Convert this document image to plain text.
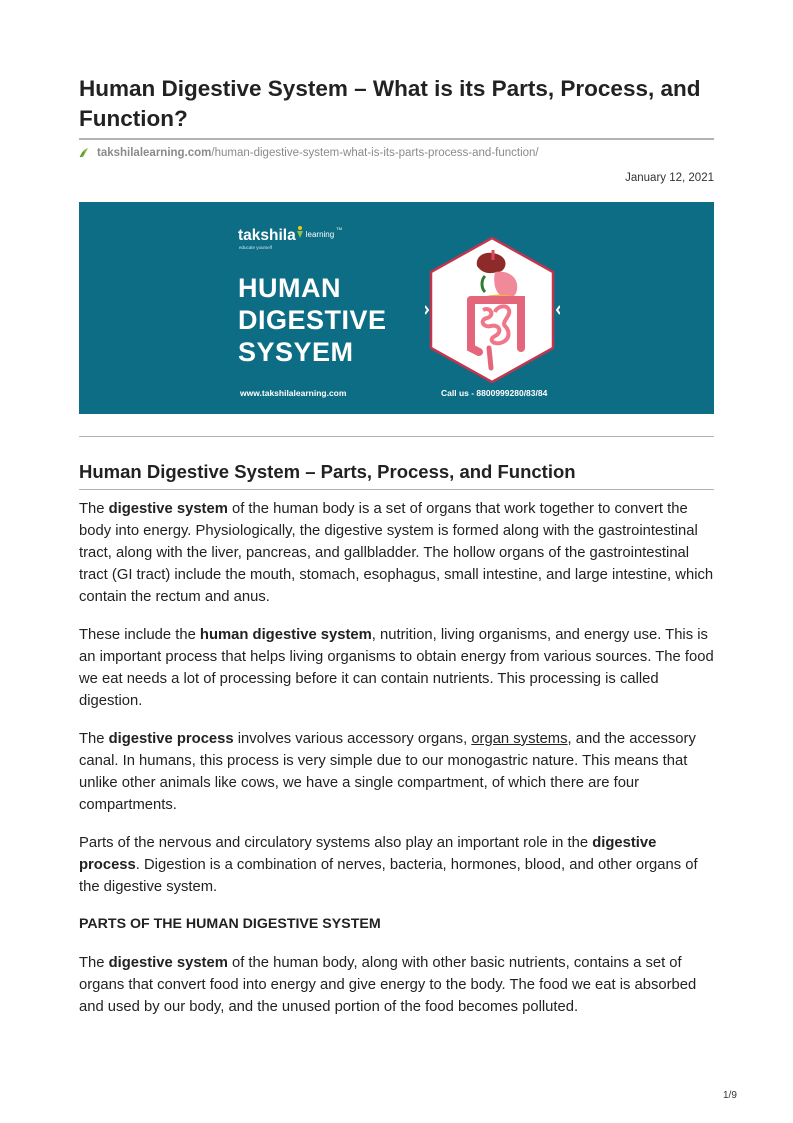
Human Digestive System – What is its Parts, Process, and Function?
takshilalearning.com/human-digestive-system-what-is-its-parts-process-and-function/
January 12, 2021
takshila learning™
educate yourself
HUMAN
DIGESTIVE
SYSYEM
www.takshilalearning.com	Call us - 8800999280/83/84
Human Digestive System – Parts, Process, and Function

The digestive system of the human body is a set of organs that work together to convert the body into energy. Physiologically, the digestive system is formed along with the gastrointestinal tract, along with the liver, pancreas, and gallbladder. The hollow organs of the gastrointestinal tract (GI tract) include the mouth, stomach, esophagus, small intestine, and large intestine, which contain the rectum and anus.

These include the human digestive system, nutrition, living organisms, and energy use. This is an important process that helps living organisms to obtain energy from various sources. The food we eat needs a lot of processing before it can contain nutrients. This processing is called digestion.

The digestive process involves various accessory organs, organ systems, and the accessory canal. In humans, this process is very simple due to our monogastric nature. This means that unlike other animals like cows, we have a single compartment, of which there are four compartments.

Parts of the nervous and circulatory systems also play an important role in the digestive process. Digestion is a combination of nerves, bacteria, hormones, blood, and other organs of the digestive system.

PARTS OF THE HUMAN DIGESTIVE SYSTEM

The digestive system of the human body, along with other basic nutrients, contains a set of organs that convert food into energy and give energy to the body. The food we eat is absorbed and used by our body, and the unused portion of the food becomes polluted.

1/9
